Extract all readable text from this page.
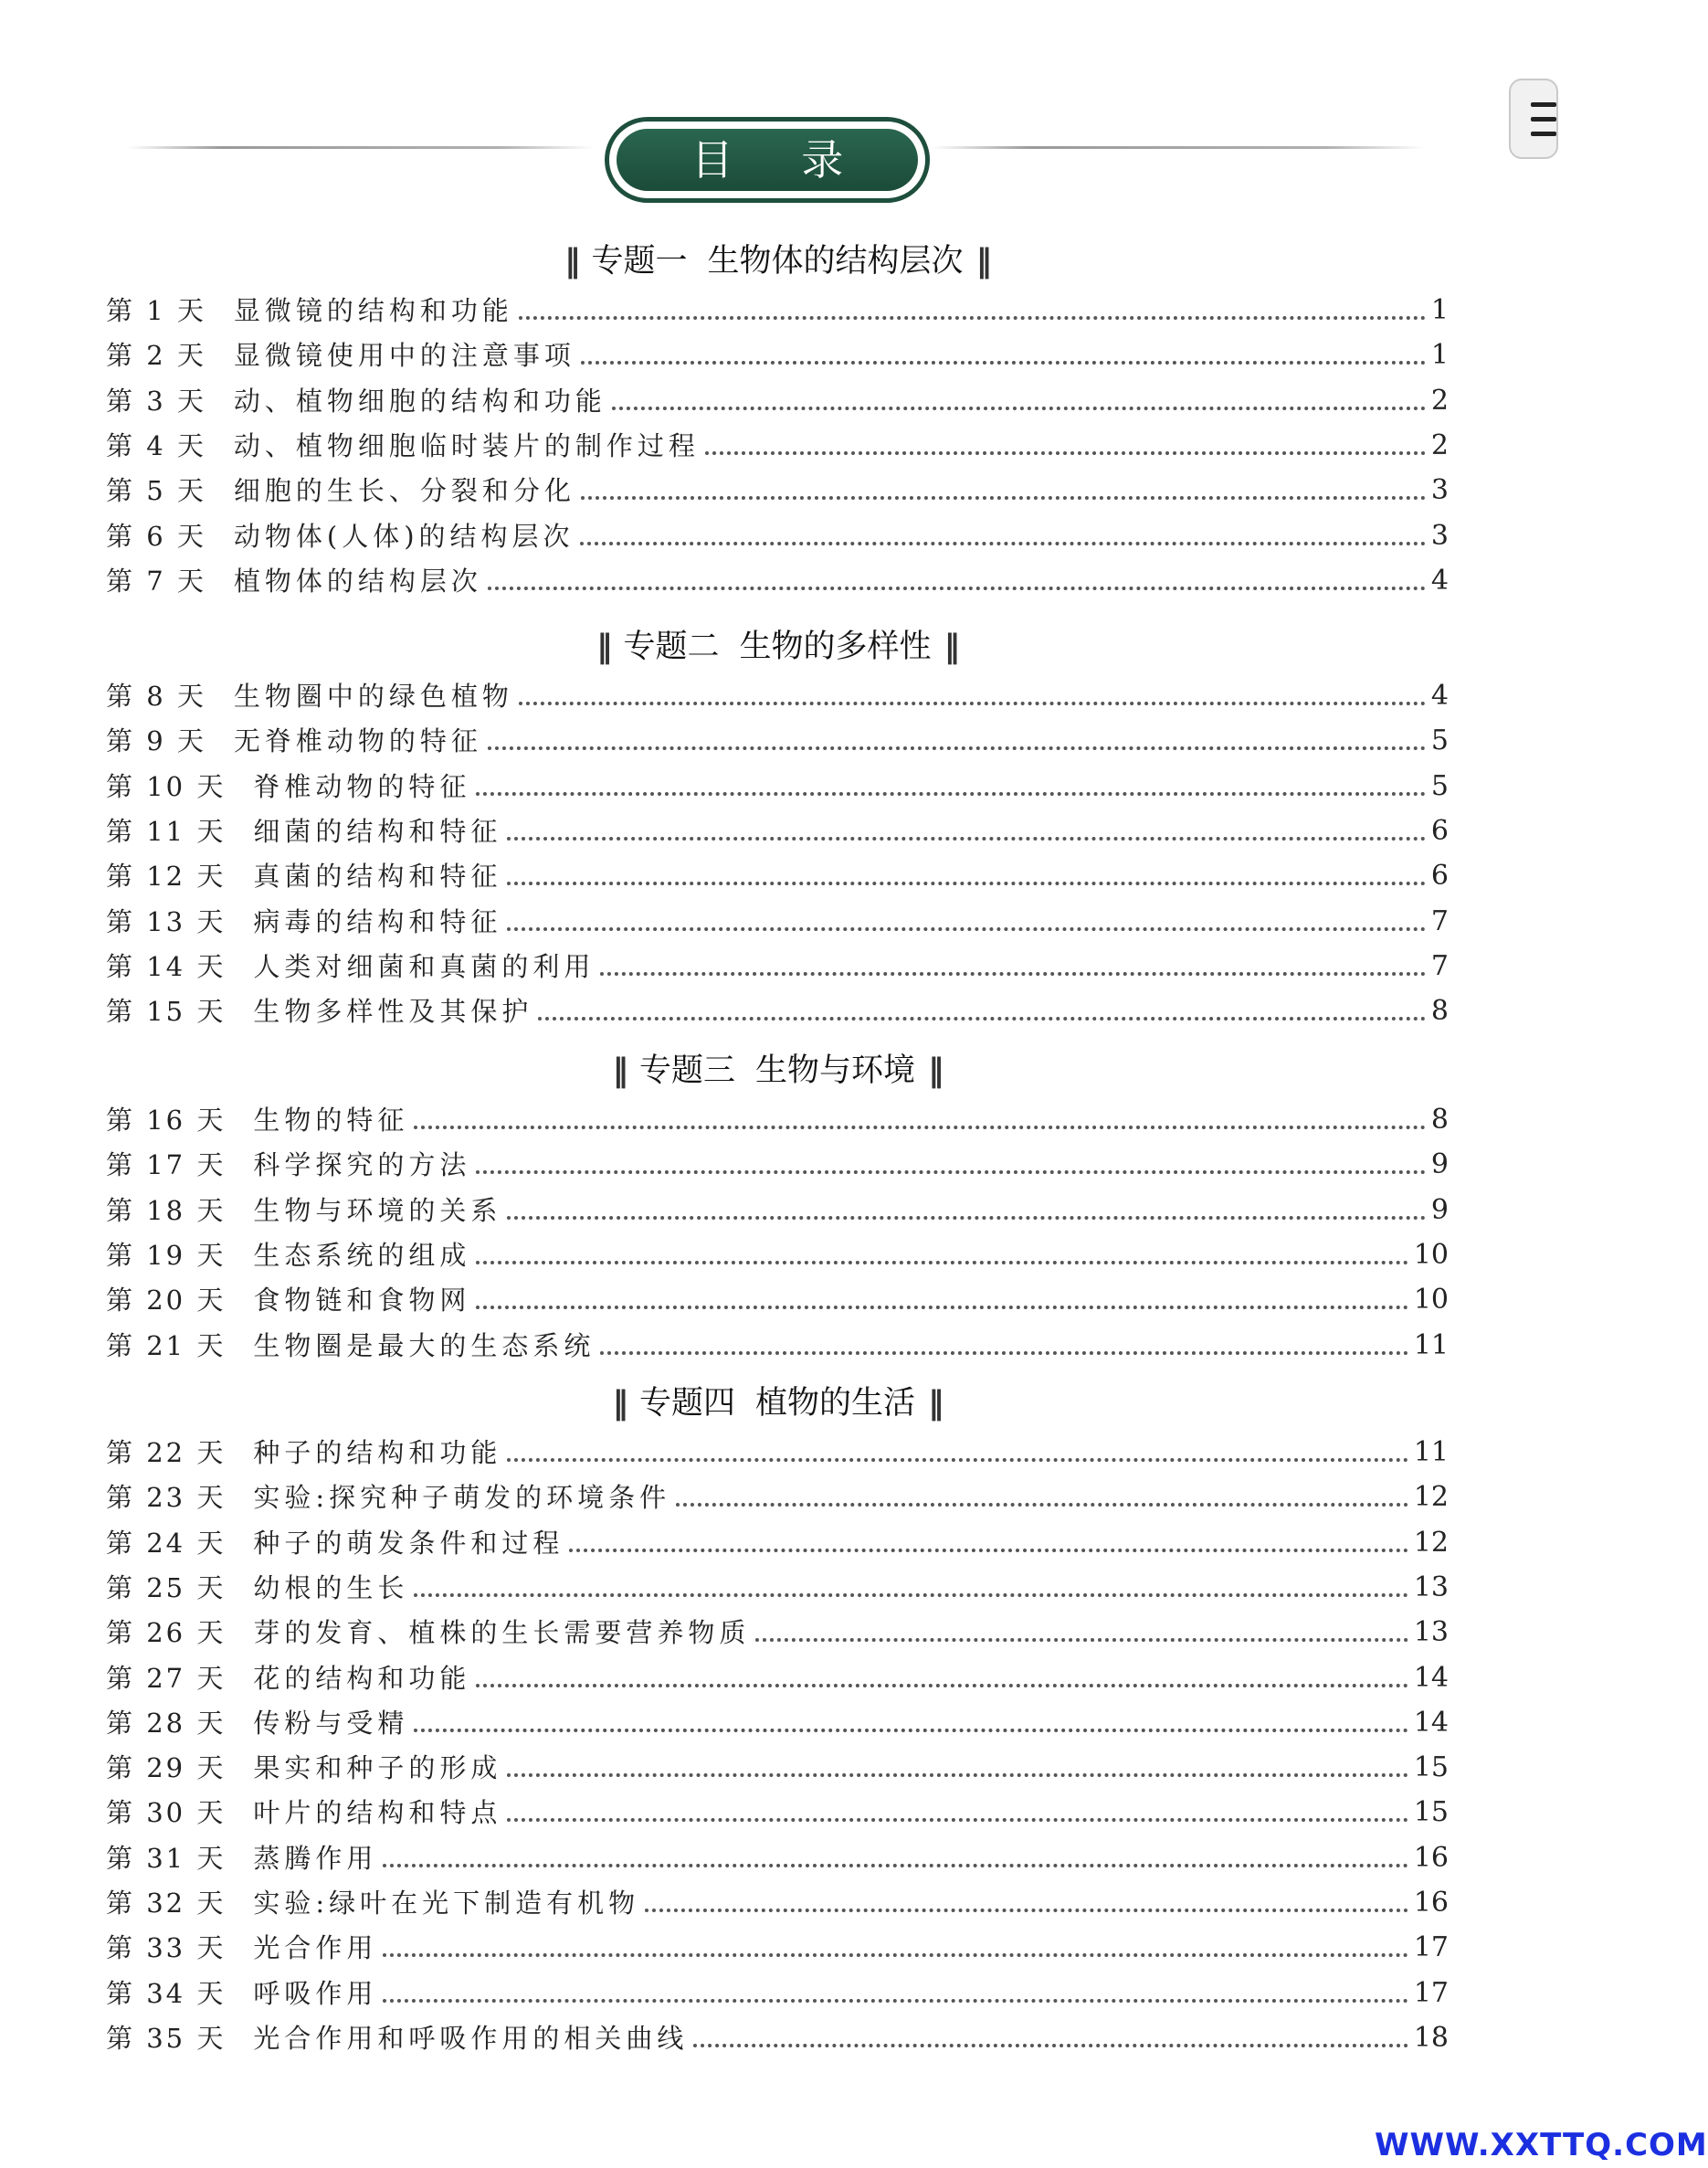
目 录
‖ 专题一 生物体的结构层次 ‖
第 1 天 显微镜的结构和功能	1
第 2 天 显微镜使用中的注意事项	1
第 3 天 动、植物细胞的结构和功能	2
第 4 天 动、植物细胞临时装片的制作过程	2
第 5 天 细胞的生长、分裂和分化	3
第 6 天 动物体(人体)的结构层次	3
第 7 天 植物体的结构层次	4
‖ 专题二 生物的多样性 ‖
第 8 天 生物圈中的绿色植物	4
第 9 天 无脊椎动物的特征	5
第 10 天 脊椎动物的特征	5
第 11 天 细菌的结构和特征	6
第 12 天 真菌的结构和特征	6
第 13 天 病毒的结构和特征	7
第 14 天 人类对细菌和真菌的利用	7
第 15 天 生物多样性及其保护	8
‖ 专题三 生物与环境 ‖
第 16 天 生物的特征	8
第 17 天 科学探究的方法	9
第 18 天 生物与环境的关系	9
第 19 天 生态系统的组成	10
第 20 天 食物链和食物网	10
第 21 天 生物圈是最大的生态系统	11
‖ 专题四 植物的生活 ‖
第 22 天 种子的结构和功能	11
第 23 天 实验:探究种子萌发的环境条件	12
第 24 天 种子的萌发条件和过程	12
第 25 天 幼根的生长	13
第 26 天 芽的发育、植株的生长需要营养物质	13
第 27 天 花的结构和功能	14
第 28 天 传粉与受精	14
第 29 天 果实和种子的形成	15
第 30 天 叶片的结构和特点	15
第 31 天 蒸腾作用	16
第 32 天 实验:绿叶在光下制造有机物	16
第 33 天 光合作用	17
第 34 天 呼吸作用	17
第 35 天 光合作用和呼吸作用的相关曲线	18
WWW.XXTTQ.COM
